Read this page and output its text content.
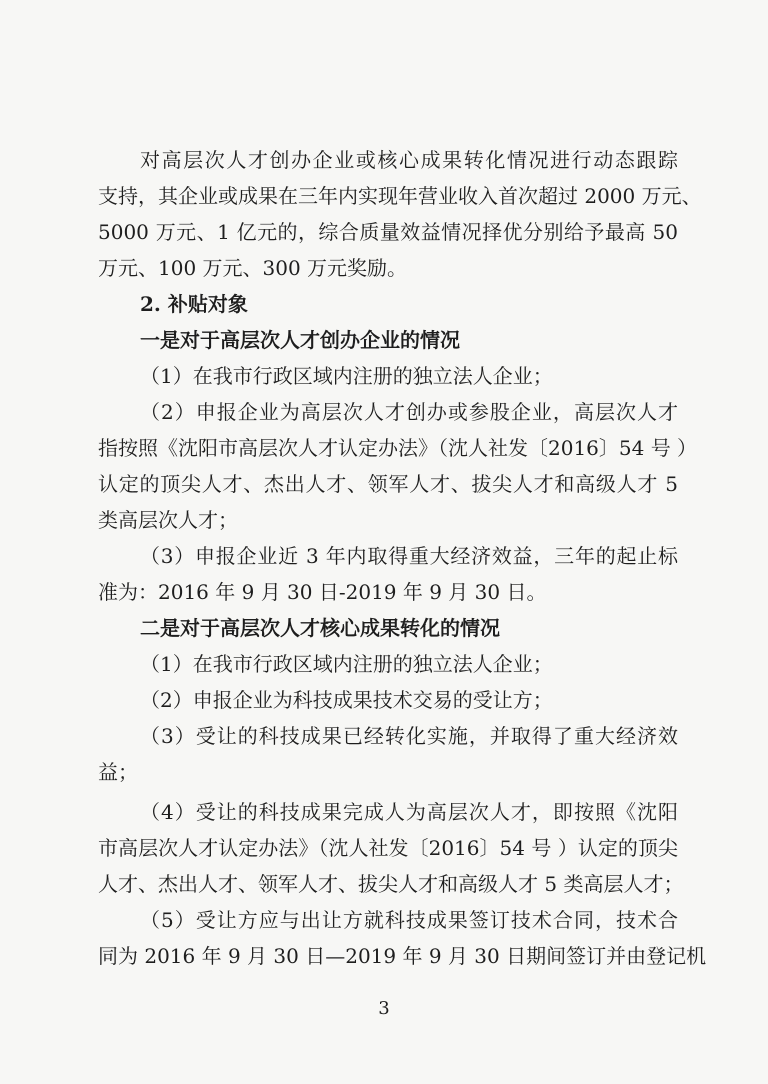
对高层次人才创办企业或核心成果转化情况进行动态跟踪
支持，其企业或成果在三年内实现年营业收入首次超过 2000 万元、
5000 万元、1 亿元的，综合质量效益情况择优分别给予最高 50
万元、100 万元、300 万元奖励。
2. 补贴对象
一是对于高层次人才创办企业的情况
（1）在我市行政区域内注册的独立法人企业；
（2）申报企业为高层次人才创办或参股企业，高层次人才
指按照《沈阳市高层次人才认定办法》（沈人社发〔2016〕54 号 ）
认定的顶尖人才、杰出人才、领军人才、拔尖人才和高级人才 5
类高层次人才；
（3）申报企业近 3 年内取得重大经济效益，三年的起止标
准为：2016 年 9 月 30 日-2019 年 9 月 30 日。
二是对于高层次人才核心成果转化的情况
（1）在我市行政区域内注册的独立法人企业；
（2）申报企业为科技成果技术交易的受让方；
（3）受让的科技成果已经转化实施，并取得了重大经济效
益；
（4）受让的科技成果完成人为高层次人才，即按照《沈阳
市高层次人才认定办法》（沈人社发〔2016〕54 号 ）认定的顶尖
人才、杰出人才、领军人才、拔尖人才和高级人才 5 类高层人才；
（5）受让方应与出让方就科技成果签订技术合同，技术合
同为 2016 年 9 月 30 日—2019 年 9 月 30 日期间签订并由登记机
3
